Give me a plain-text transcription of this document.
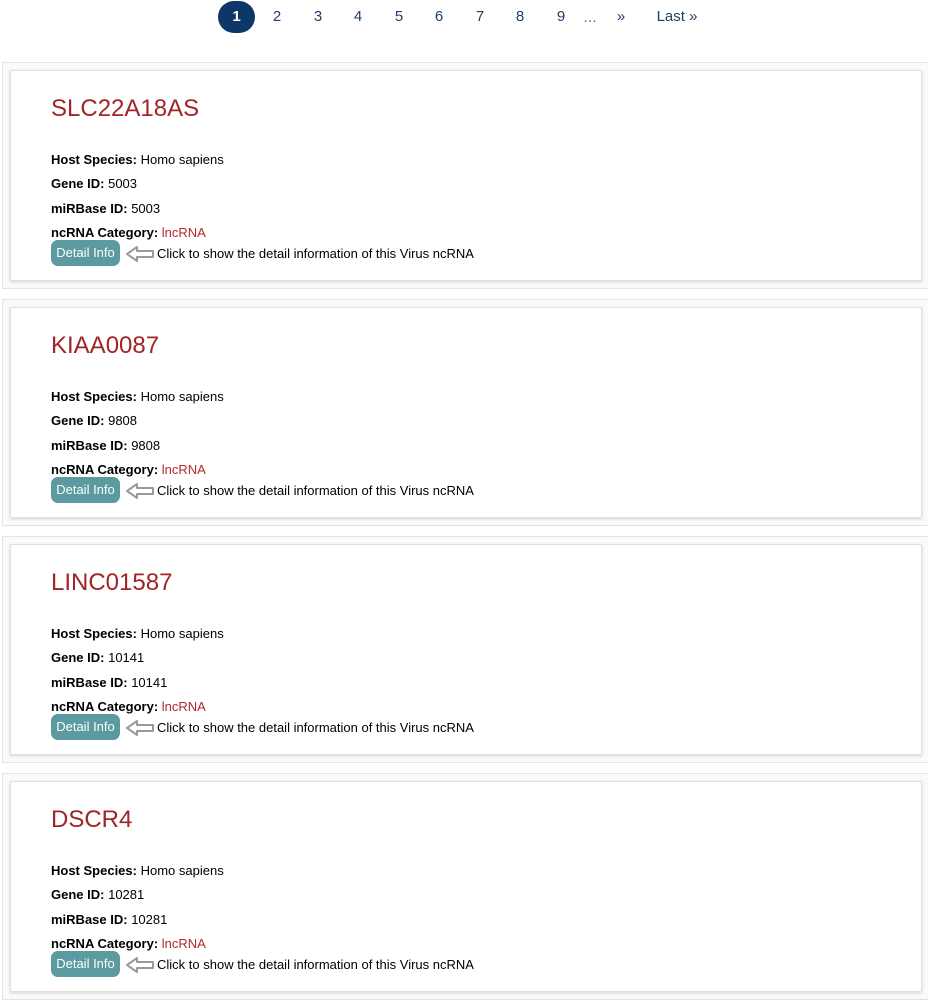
1	2	3	4	5	6	7	8	9	…	»	Last »
SLC22A18AS
Host Species: Homo sapiens
Gene ID: 5003
miRBase ID: 5003
ncRNA Category: lncRNA
Detail Info	Click to show the detail information of this Virus ncRNA
KIAA0087
Host Species: Homo sapiens
Gene ID: 9808
miRBase ID: 9808
ncRNA Category: lncRNA
Detail Info	Click to show the detail information of this Virus ncRNA
LINC01587
Host Species: Homo sapiens
Gene ID: 10141
miRBase ID: 10141
ncRNA Category: lncRNA
Detail Info	Click to show the detail information of this Virus ncRNA
DSCR4
Host Species: Homo sapiens
Gene ID: 10281
miRBase ID: 10281
ncRNA Category: lncRNA
Detail Info	Click to show the detail information of this Virus ncRNA
